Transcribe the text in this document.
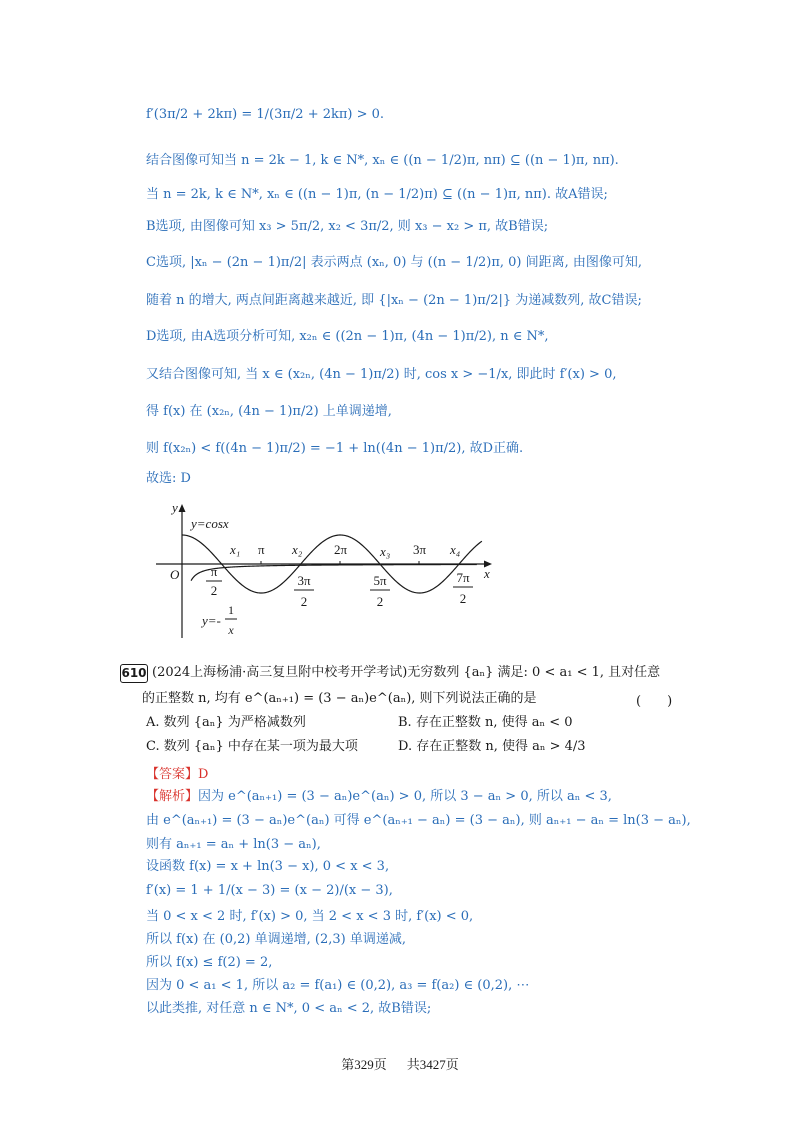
f′(3π/2 + 2kπ) = 1/(3π/2 + 2kπ) > 0.
结合图像可知当 n = 2k − 1, k ∈ N*, xₙ ∈ ((n − 1/2)π, nπ) ⊆ ((n − 1)π, nπ).
当 n = 2k, k ∈ N*, xₙ ∈ ((n − 1)π, (n − 1/2)π) ⊆ ((n − 1)π, nπ). 故A错误;
B选项, 由图像可知 x₃ > 5π/2, x₂ < 3π/2, 则 x₃ − x₂ > π, 故B错误;
C选项, |xₙ − (2n − 1)π/2| 表示两点 (xₙ, 0) 与 ((n − 1/2)π, 0) 间距离, 由图像可知,
随着 n 的增大, 两点间距离越来越近, 即 {|xₙ − (2n − 1)π/2|} 为递减数列, 故C错误;
D选项, 由A选项分析可知, x₂ₙ ∈ ((2n − 1)π, (4n − 1)π/2), n ∈ N*,
又结合图像可知, 当 x ∈ (x₂ₙ, (4n − 1)π/2) 时, cos x > −1/x, 即此时 f′(x) > 0,
得 f(x) 在 (x₂ₙ, (4n − 1)π/2) 上单调递增,
则 f(x₂ₙ) < f((4n − 1)π/2) = −1 + ln((4n − 1)π/2), 故D正确.
故选: D
y
x
O
y=cosx
x₁ π x₂ 2π	x₃ 3π x₄
π
2
3π
2
5π
2
7π
2
y=-
1
x
610 (2024上海杨浦·高三复旦附中校考开学考试)无穷数列 {aₙ} 满足: 0 < a₁ < 1, 且对任意
的正整数 n, 均有 e^(aₙ₊₁) = (3 − aₙ)e^(aₙ), 则下列说法正确的是	(　　)
A. 数列 {aₙ} 为严格减数列	B. 存在正整数 n, 使得 aₙ < 0
C. 数列 {aₙ} 中存在某一项为最大项	D. 存在正整数 n, 使得 aₙ > 4/3
【答案】D
【解析】因为 e^(aₙ₊₁) = (3 − aₙ)e^(aₙ) > 0, 所以 3 − aₙ > 0, 所以 aₙ < 3,
由 e^(aₙ₊₁) = (3 − aₙ)e^(aₙ) 可得 e^(aₙ₊₁ − aₙ) = (3 − aₙ), 则 aₙ₊₁ − aₙ = ln(3 − aₙ),
则有 aₙ₊₁ = aₙ + ln(3 − aₙ),
设函数 f(x) = x + ln(3 − x), 0 < x < 3,
f′(x) = 1 + 1/(x − 3) = (x − 2)/(x − 3),
当 0 < x < 2 时, f′(x) > 0, 当 2 < x < 3 时, f′(x) < 0,
所以 f(x) 在 (0,2) 单调递增, (2,3) 单调递减,
所以 f(x) ≤ f(2) = 2,
因为 0 < a₁ < 1, 所以 a₂ = f(a₁) ∈ (0,2), a₃ = f(a₂) ∈ (0,2), ⋯
以此类推, 对任意 n ∈ N*, 0 < aₙ < 2, 故B错误;
第329页 共3427页
